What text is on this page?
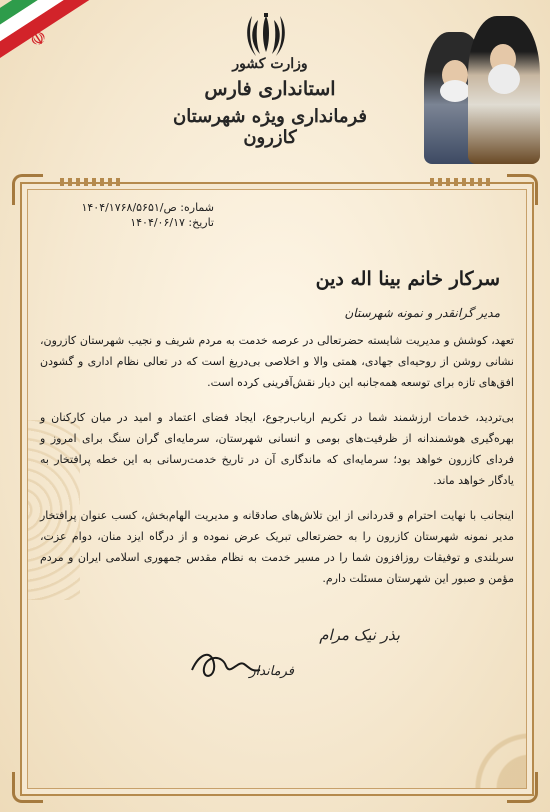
☫
وزارت کشور
استانداری فارس
فرمانداری ویژه شهرستان کازرون
شماره: ص/۱۴۰۴/۱۷۶۸/۵۶۵۱
تاریخ: ۱۴۰۴/۰۶/۱۷
سرکار خانم بینا اله دین
مدیر گرانقدر و نمونه شهرستان

تعهد، کوشش و مدیریت شایسته حضرتعالی در عرصه خدمت به مردم شریف و نجیب شهرستان کازرون، نشانی روشن از روحیه‌ای جهادی، همتی والا و اخلاصی بی‌دریغ است که در تعالی نظام اداری و گشودن افق‌های تازه برای توسعه همه‌جانبه این دیار نقش‌آفرینی کرده است.

بی‌تردید، خدمات ارزشمند شما در تکریم ارباب‌رجوع، ایجاد فضای اعتماد و امید در میان کارکنان و بهره‌گیری هوشمندانه از ظرفیت‌های بومی و انسانی شهرستان، سرمایه‌ای گران سنگ برای امروز و فردای کازرون خواهد بود؛ سرمایه‌ای که ماندگاری آن در تاریخ خدمت‌رسانی به این خطه پرافتخار به یادگار خواهد ماند.

اینجانب با نهایت احترام و قدردانی از این تلاش‌های صادقانه و مدیریت الهام‌بخش، کسب عنوان پرافتخار مدیر نمونه شهرستان کازرون را به حضرتعالی تبریک عرض نموده و از درگاه ایزد منان، دوام عزت، سربلندی و توفیقات روزافزون شما را در مسیر خدمت به نظام مقدس جمهوری اسلامی ایران و مردم مؤمن و صبور این شهرستان مسئلت دارم.

بذر نیک مرام
فرماندار
